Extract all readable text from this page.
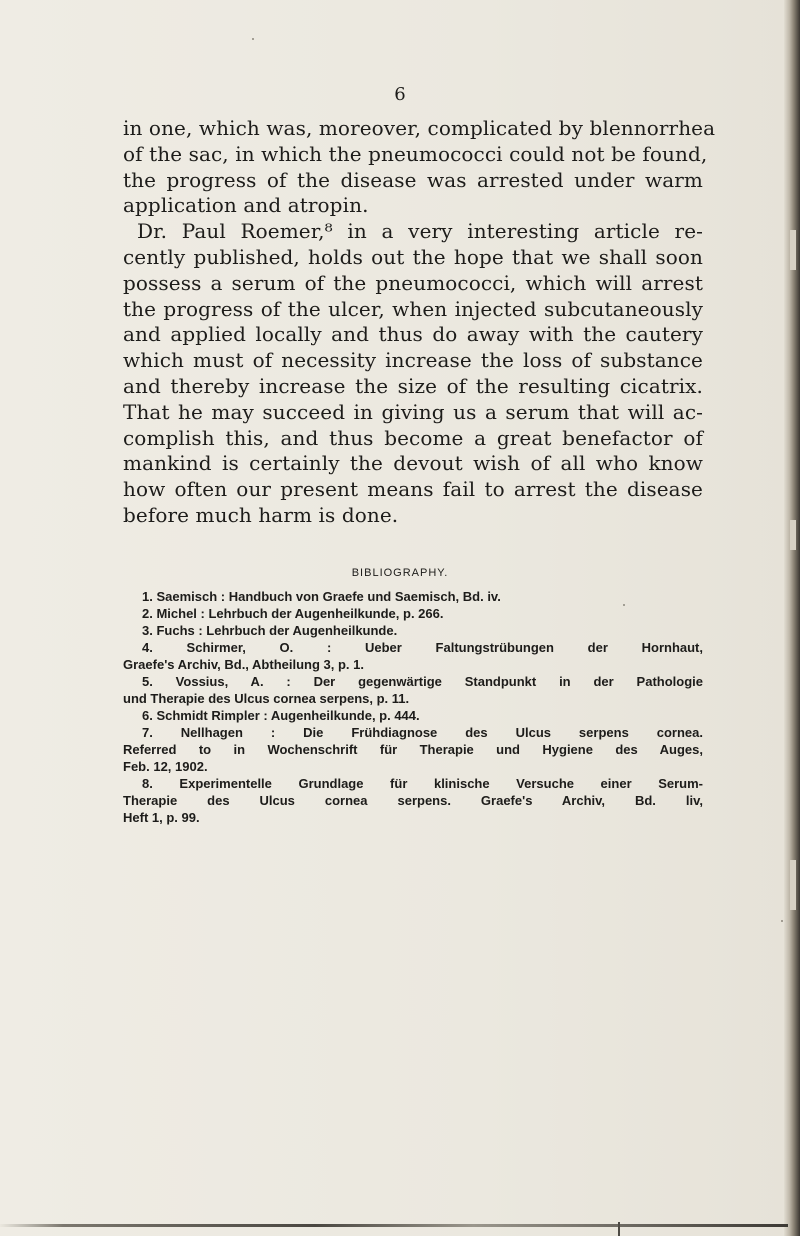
6
in one, which was, moreover, complicated by blennorrhea
of the sac, in which the pneumococci could not be found,
the progress of the disease was arrested under warm
application and atropin.
Dr. Paul Roemer,⁸ in a very interesting article re-
cently published, holds out the hope that we shall soon
possess a serum of the pneumococci, which will arrest
the progress of the ulcer, when injected subcutaneously
and applied locally and thus do away with the cautery
which must of necessity increase the loss of substance
and thereby increase the size of the resulting cicatrix.
That he may succeed in giving us a serum that will ac-
complish this, and thus become a great benefactor of
mankind is certainly the devout wish of all who know
how often our present means fail to arrest the disease
before much harm is done.
BIBLIOGRAPHY.
1. Saemisch : Handbuch von Graefe und Saemisch, Bd. iv.
2. Michel : Lehrbuch der Augenheilkunde, p. 266.
3. Fuchs : Lehrbuch der Augenheilkunde.
4. Schirmer, O. : Ueber Faltungstrübungen der Hornhaut,
Graefe's Archiv, Bd., Abtheilung 3, p. 1.
5. Vossius, A. : Der gegenwärtige Standpunkt in der Pathologie
und Therapie des Ulcus cornea serpens, p. 11.
6. Schmidt Rimpler : Augenheilkunde, p. 444.
7. Nellhagen : Die Frühdiagnose des Ulcus serpens cornea.
Referred to in Wochenschrift für Therapie und Hygiene des Auges,
Feb. 12, 1902.
8. Experimentelle Grundlage für klinische Versuche einer Serum-
Therapie des Ulcus cornea serpens. Graefe's Archiv, Bd. liv,
Heft 1, p. 99.
